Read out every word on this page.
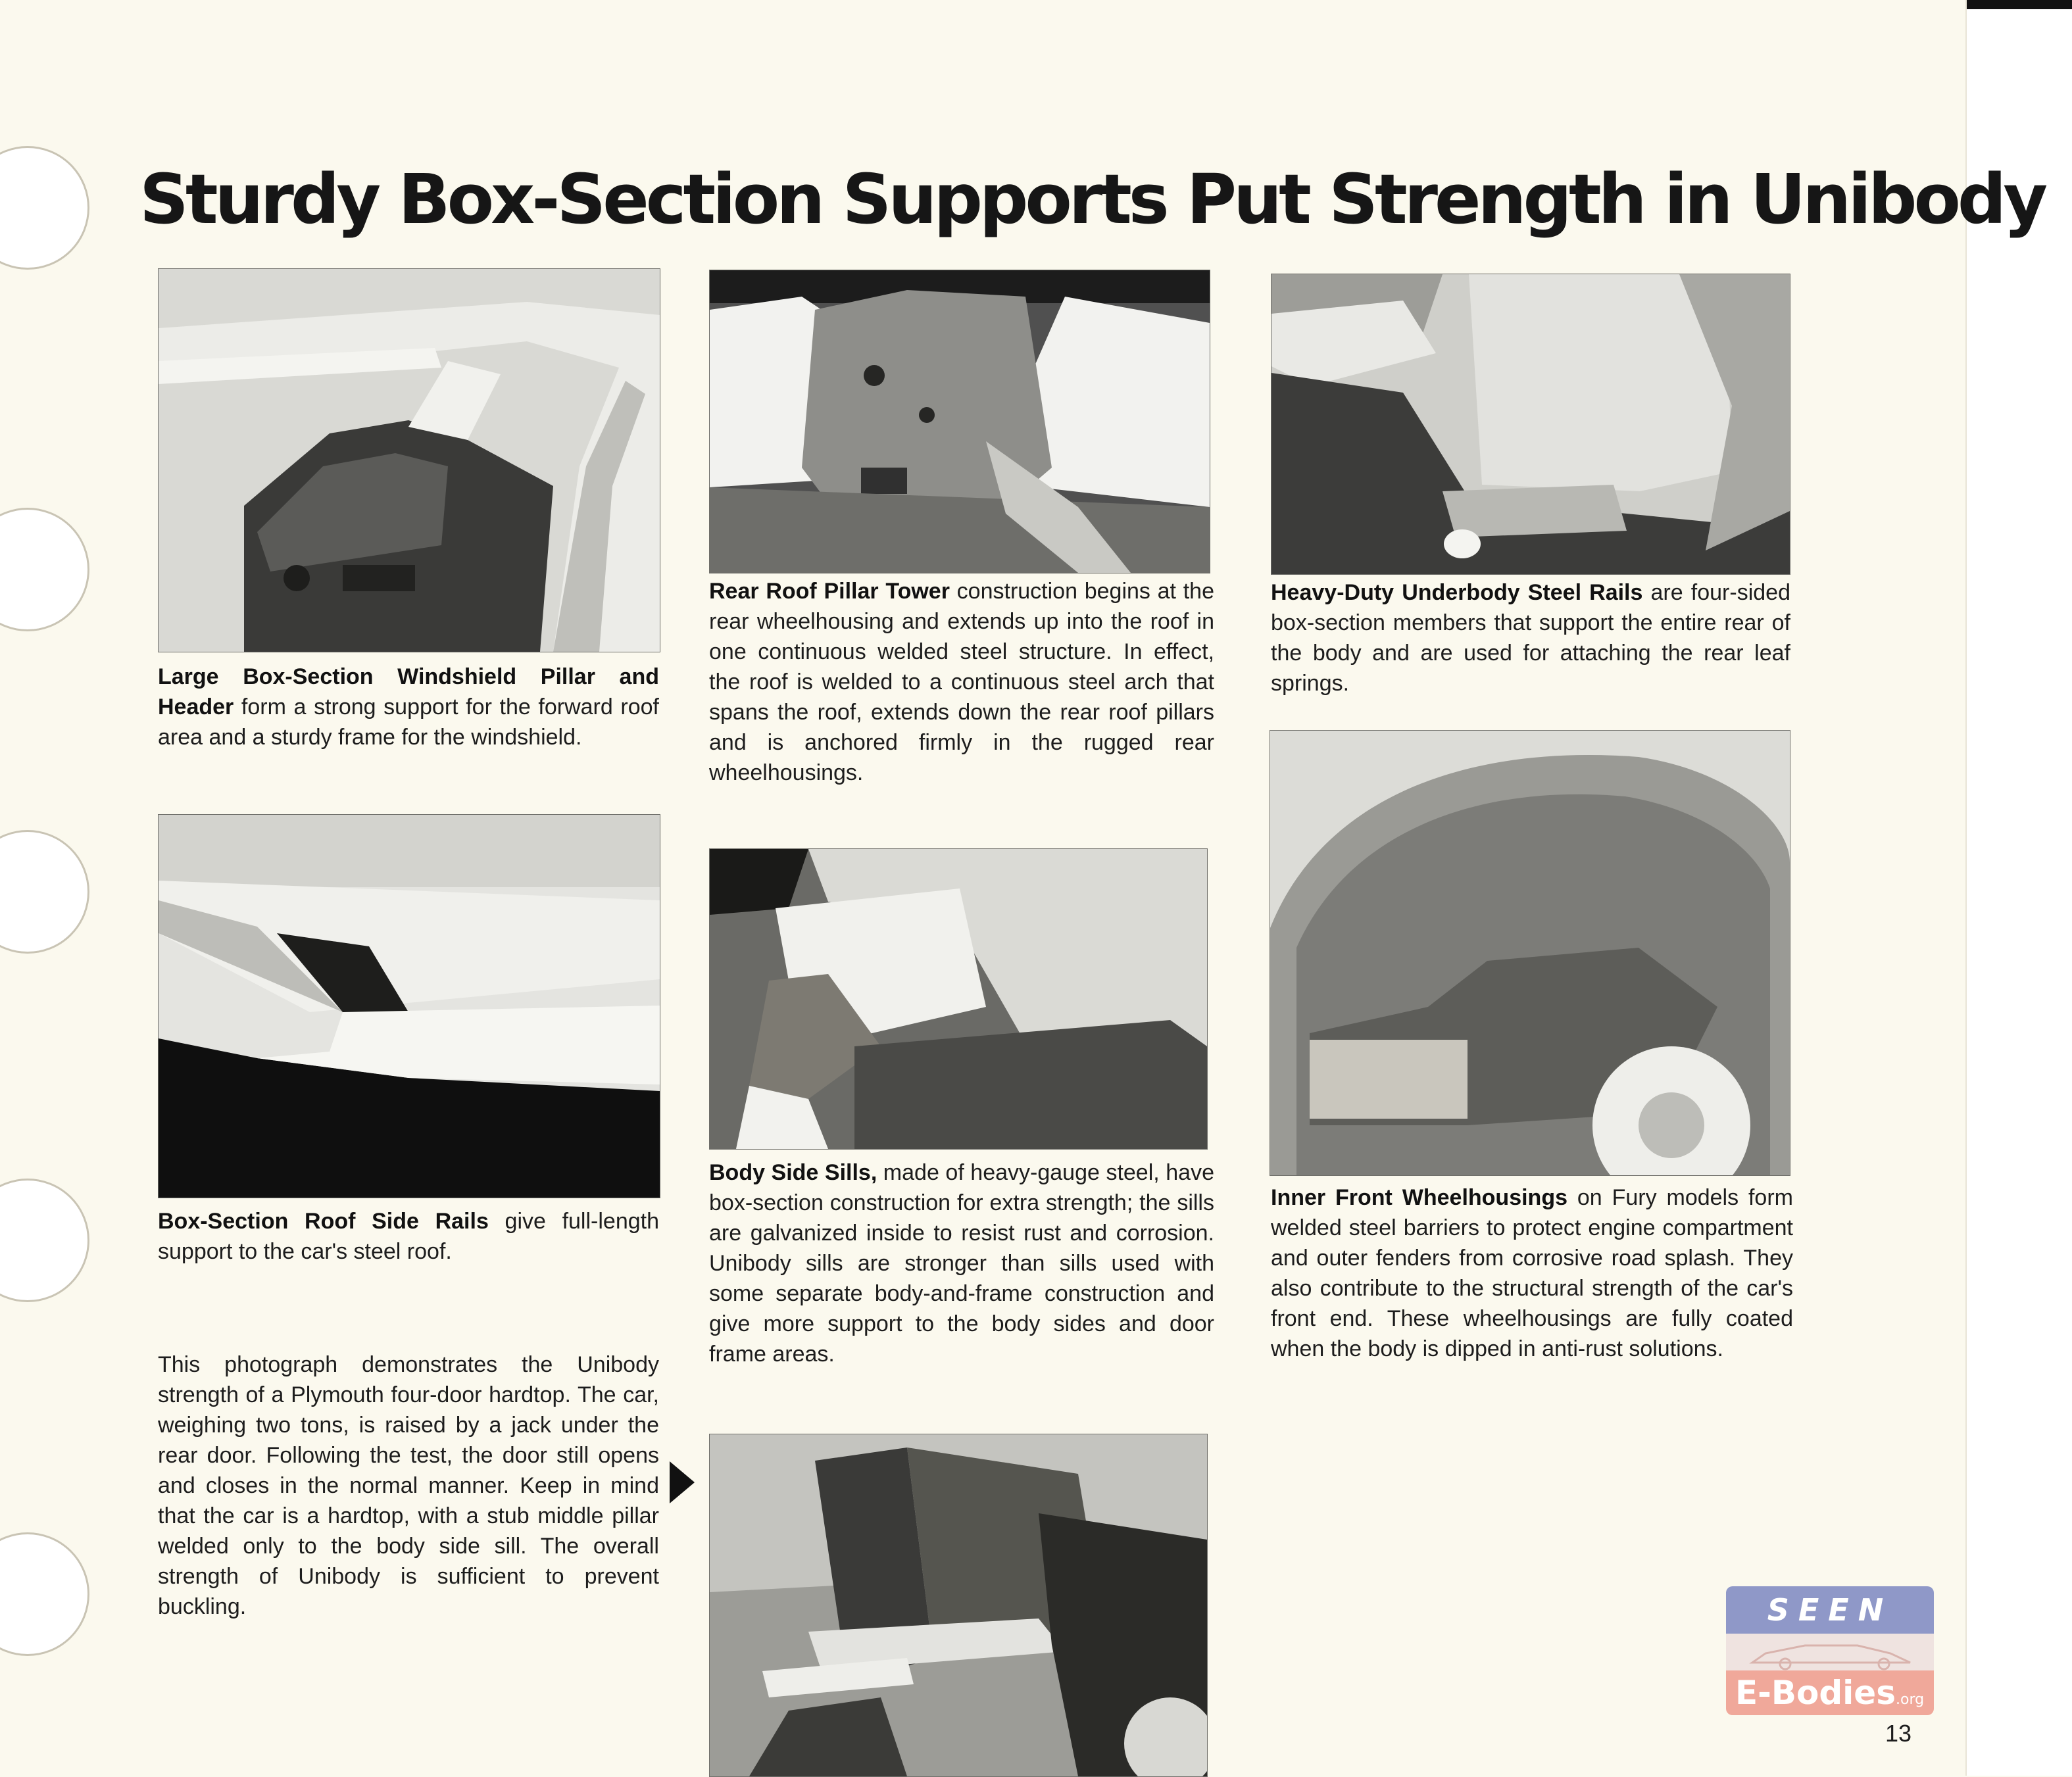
Sturdy Box-Section Supports Put Strength in Unibody

Large Box-Section Windshield Pillar and Header form a strong support for the forward roof area and a sturdy frame for the windshield.

Rear Roof Pillar Tower construction begins at the rear wheelhousing and extends up into the roof in one continuous welded steel structure. In effect, the roof is welded to a continuous steel arch that spans the roof, extends down the rear roof pillars and is anchored firmly in the rugged rear wheelhousings.

Heavy-Duty Underbody Steel Rails are four-sided box-section members that support the entire rear of the body and are used for attaching the rear leaf springs.

Box-Section Roof Side Rails give full-length support to the car's steel roof.

Body Side Sills, made of heavy-gauge steel, have box-section construction for extra strength; the sills are galvanized inside to resist rust and corrosion. Unibody sills are stronger than sills used with some separate body-and-frame construction and give more support to the body sides and door frame areas.

Inner Front Wheelhousings on Fury models form welded steel barriers to protect engine compartment and outer fenders from corrosive road splash. They also contribute to the structural strength of the car's front end. These wheelhousings are fully coated when the body is dipped in anti-rust solutions.

This photograph demonstrates the Unibody strength of a Plymouth four-door hardtop. The car, weighing two tons, is raised by a jack under the rear door. Following the test, the door still opens and closes in the normal manner. Keep in mind that the car is a hardtop, with a stub middle pillar welded only to the body side sill. The overall strength of Unibody is sufficient to prevent buckling.	SEEN
E-Bodies.org
13
